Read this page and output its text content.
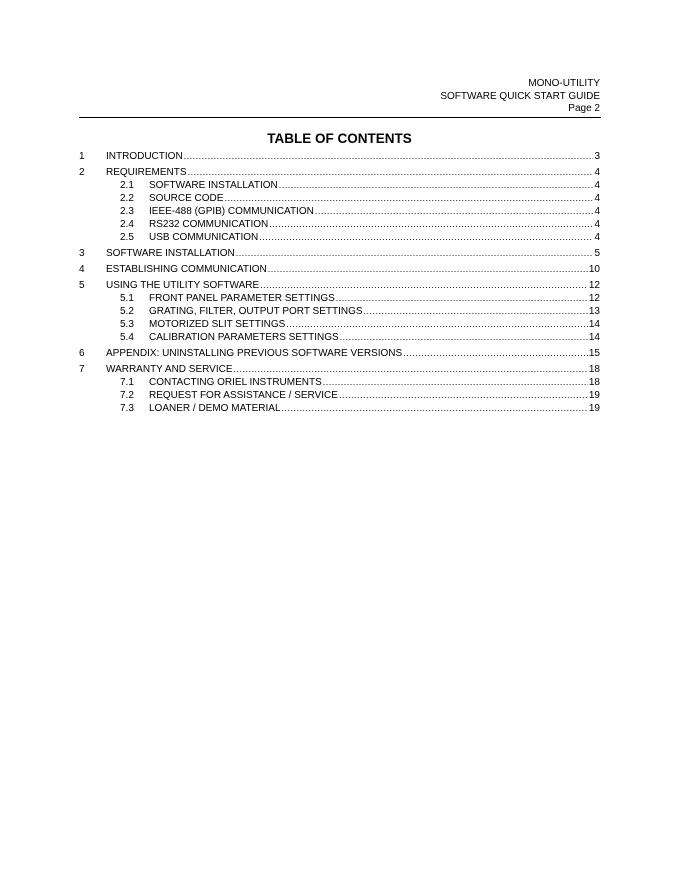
MONO-UTILITY
SOFTWARE QUICK START GUIDE
Page 2
TABLE OF CONTENTS
1 INTRODUCTION .....	3
2 REQUIREMENTS .....	4
2.1 SOFTWARE INSTALLATION .....	4
2.2 SOURCE CODE .....	4
2.3 IEEE-488 (GPIB) COMMUNICATION .....	4
2.4 RS232 COMMUNICATION .....	4
2.5 USB COMMUNICATION .....	4
3 SOFTWARE INSTALLATION .....	5
4 ESTABLISHING COMMUNICATION .....	10
5 USING THE UTILITY SOFTWARE .....	12
5.1 FRONT PANEL PARAMETER SETTINGS .....	12
5.2 GRATING, FILTER, OUTPUT PORT SETTINGS .....	13
5.3 MOTORIZED SLIT SETTINGS .....	14
5.4 CALIBRATION PARAMETERS SETTINGS .....	14
6 APPENDIX: UNINSTALLING PREVIOUS SOFTWARE VERSIONS .....	15
7 WARRANTY AND SERVICE .....	18
7.1 CONTACTING ORIEL INSTRUMENTS .....	18
7.2 REQUEST FOR ASSISTANCE / SERVICE .....	19
7.3 LOANER / DEMO MATERIAL .....	19
